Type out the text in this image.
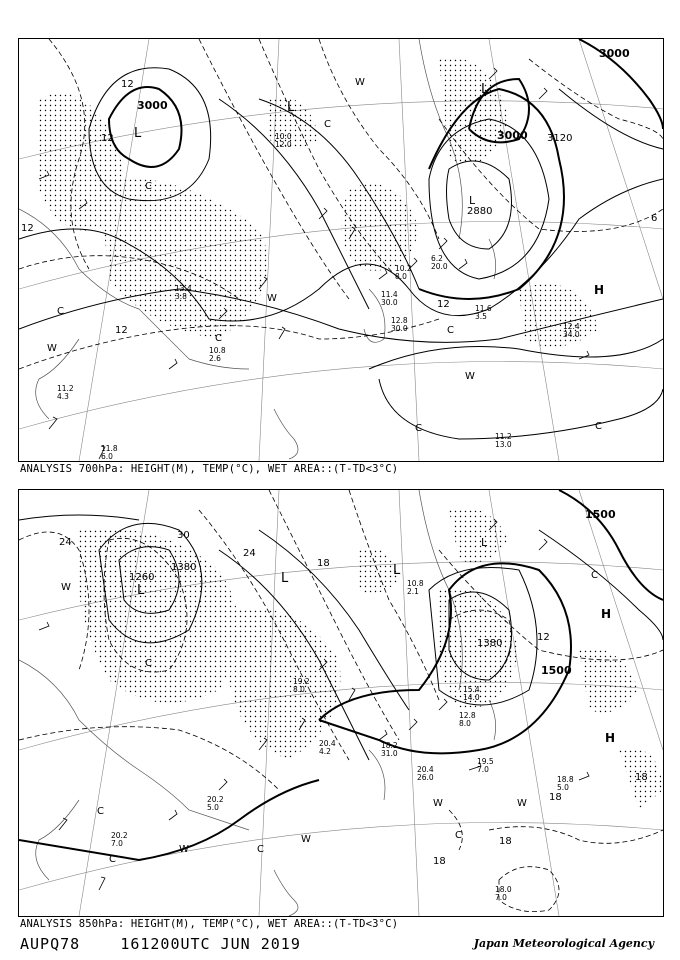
3000
3000
3000
2880
3120
12
12
12
12
12
6
L
L
L
L
H
W
W
W
W
C
C
C
C
C
C	C
12.4
34.0
11.2
13.0
11.6
3.5
11.4
30.0
12.8
30.0
10.8
2.6
11.2
4.3
11.8
6.0
13.4
3.8
10.0
12.0
10.2
8.0
6.2
20.0
ANALYSIS 700hPa: HEIGHT(M), TEMP(°C), WET AREA::(T-TD<3°C)
1500
1500
1380
1380
1260
24
24
18
18
18
18
18
12
30
L
L
L
L
H
H
W
W	W
W
W
C
C
C
C
C
C
18.8
5.0
18.0
7.0
20.4
26.0
19.5
7.0
20.2
7.0
18.2
31.0
12.8
8.0
15.4
14.0
20.4
4.2
20.2
5.0
19.2
8.0
10.8
2.1
ANALYSIS 850hPa: HEIGHT(M), TEMP(°C), WET AREA::(T-TD<3°C)
AUPQ78	161200UTC JUN 2019	Japan Meteorological Agency
